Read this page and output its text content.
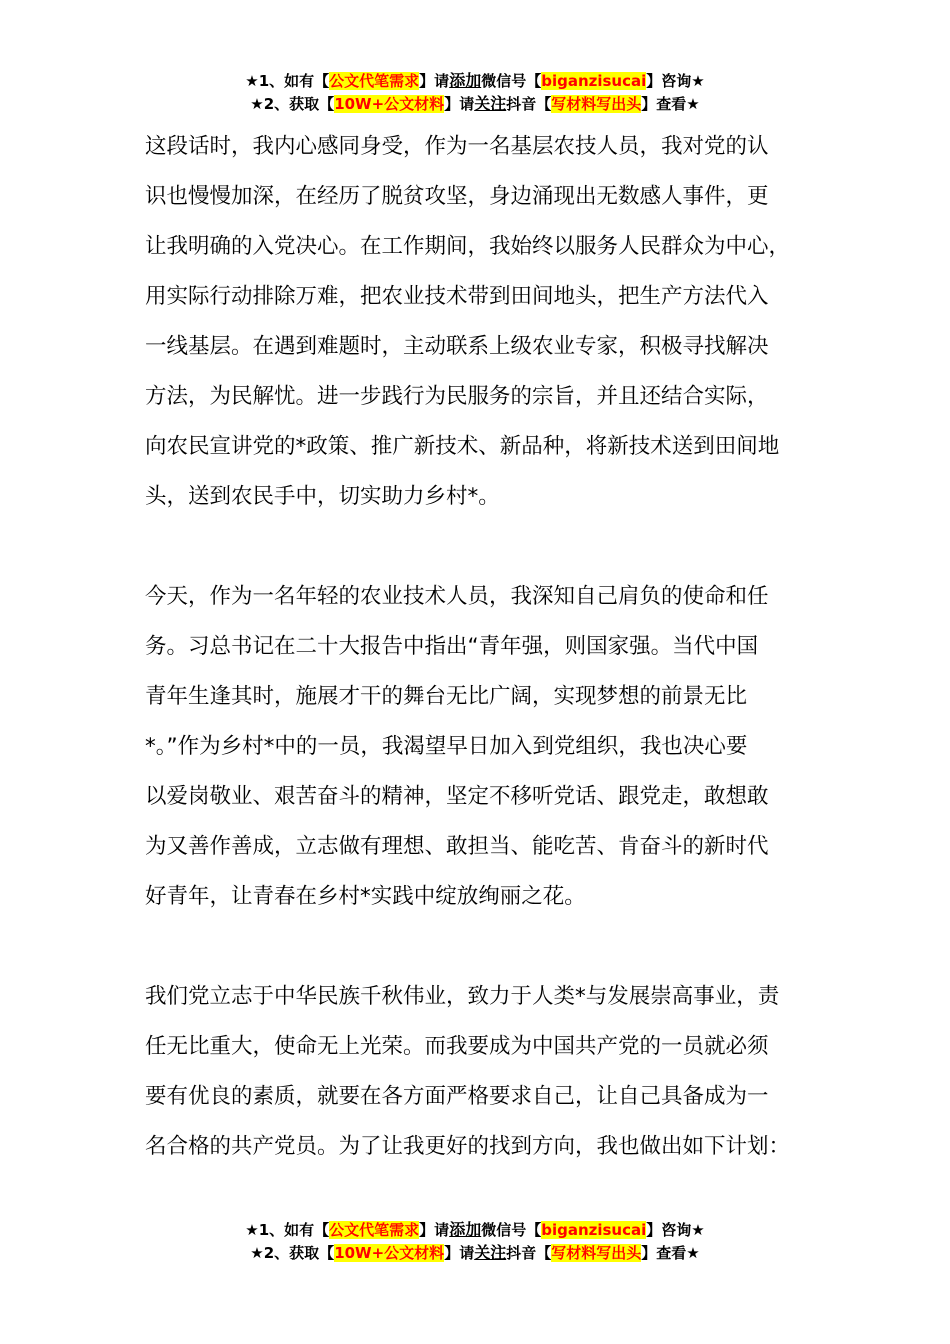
★1、如有【公文代笔需求】请添加微信号【biganzisucai】咨询★
★2、获取【10W+公文材料】请关注抖音【写材料写出头】查看★
这段话时，我内心感同身受，作为一名基层农技人员，我对党的认
识也慢慢加深，在经历了脱贫攻坚，身边涌现出无数感人事件，更
让我明确的入党决心。在工作期间，我始终以服务人民群众为中心，
用实际行动排除万难，把农业技术带到田间地头，把生产方法代入
一线基层。在遇到难题时，主动联系上级农业专家，积极寻找解决
方法，为民解忧。进一步践行为民服务的宗旨，并且还结合实际，
向农民宣讲党的*政策、推广新技术、新品种，将新技术送到田间地
头，送到农民手中，切实助力乡村*。
今天，作为一名年轻的农业技术人员，我深知自己肩负的使命和任
务。习总书记在二十大报告中指出“青年强，则国家强。当代中国
青年生逢其时，施展才干的舞台无比广阔，实现梦想的前景无比
*。”作为乡村*中的一员，我渴望早日加入到党组织，我也决心要
以爱岗敬业、艰苦奋斗的精神，坚定不移听党话、跟党走，敢想敢
为又善作善成，立志做有理想、敢担当、能吃苦、肯奋斗的新时代
好青年，让青春在乡村*实践中绽放绚丽之花。
我们党立志于中华民族千秋伟业，致力于人类*与发展崇高事业，责
任无比重大，使命无上光荣。而我要成为中国共产党的一员就必须
要有优良的素质，就要在各方面严格要求自己，让自己具备成为一
名合格的共产党员。为了让我更好的找到方向，我也做出如下计划：
★1、如有【公文代笔需求】请添加微信号【biganzisucai】咨询★
★2、获取【10W+公文材料】请关注抖音【写材料写出头】查看★
